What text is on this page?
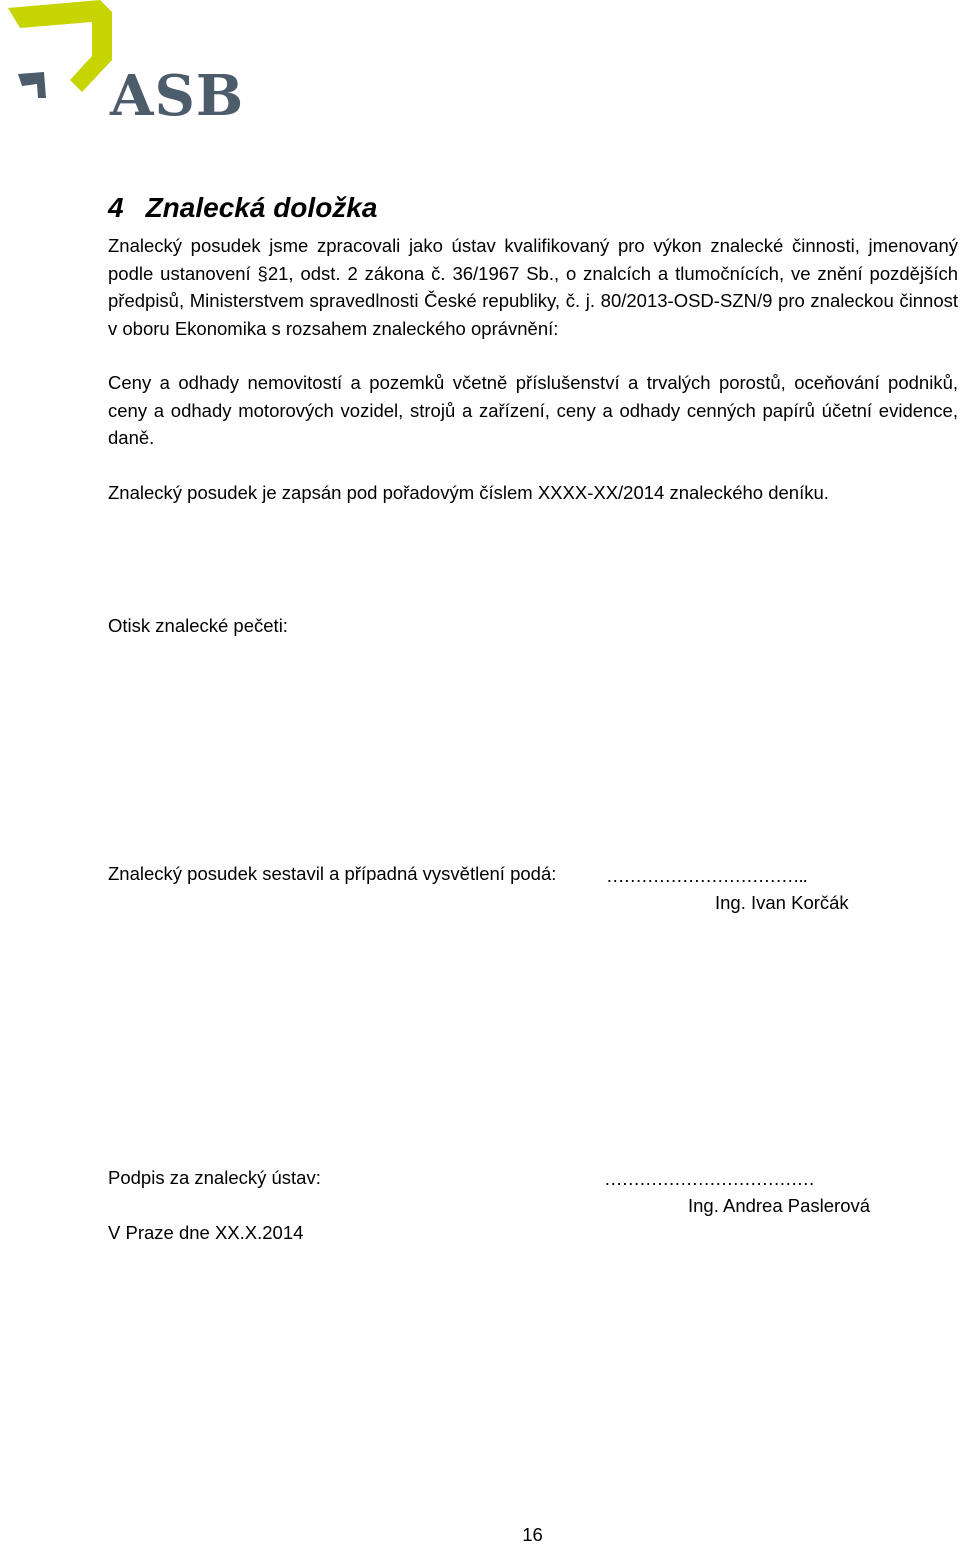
ASB
4 Znalecká doložka

Znalecký posudek jsme zpracovali jako ústav kvalifikovaný pro výkon znalecké činnosti, jmenovaný podle ustanovení §21, odst. 2 zákona č. 36/1967 Sb., o znalcích a tlumočnících, ve znění pozdějších předpisů, Ministerstvem spravedlnosti České republiky, č. j. 80/2013-OSD-SZN/9 pro znaleckou činnost v oboru Ekonomika s rozsahem znaleckého oprávnění:

Ceny a odhady nemovitostí a pozemků včetně příslušenství a trvalých porostů, oceňování podniků, ceny a odhady motorových vozidel, strojů a zařízení, ceny a odhady cenných papírů účetní evidence, daně.

Znalecký posudek je zapsán pod pořadovým číslem XXXX-XX/2014 znaleckého deníku.

Otisk znalecké pečeti:
Znalecký posudek sestavil a případná vysvětlení podá:	……………………………..
Ing. Ivan Korčák
Podpis za znalecký ústav:	………………………………
Ing. Andrea Paslerová
V Praze dne XX.X.2014
16
